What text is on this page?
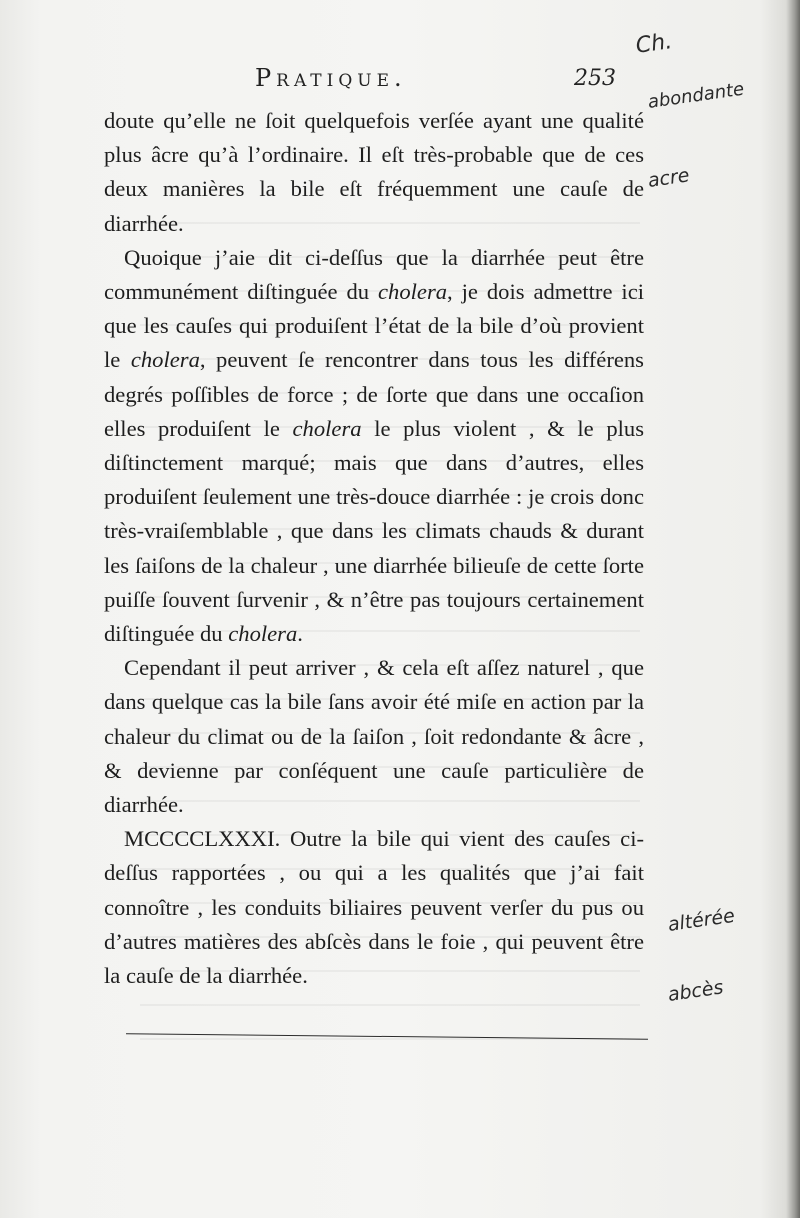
Pratique.	253

doute qu’elle ne ſoit quelquefois verſée ayant une qualité plus âcre qu’à l’ordinaire. Il eſt très-probable que de ces deux manières la bile eſt fréquemment une cauſe de diarrhée.

Quoique j’aie dit ci-deſſus que la diarrhée peut être communément diſtinguée du cholera, je dois admettre ici que les cauſes qui produiſent l’état de la bile d’où provient le cholera, peuvent ſe rencontrer dans tous les différens degrés poſſibles de force ; de ſorte que dans une occaſion elles produiſent le cholera le plus violent , & le plus diſtinctement marqué; mais que dans d’autres, elles produiſent ſeulement une très-douce diarrhée : je crois donc très-vraiſemblable , que dans les climats chauds & durant les ſaiſons de la chaleur , une diarrhée bilieuſe de cette ſorte puiſſe ſouvent ſurvenir , & n’être pas toujours certainement diſtinguée du cholera.

Cependant il peut arriver , & cela eſt aſſez naturel , que dans quelque cas la bile ſans avoir été miſe en action par la chaleur du climat ou de la ſaiſon , ſoit redondante & âcre , & devienne par conſéquent une cauſe particulière de diarrhée.

MCCCCLXXXI. Outre la bile qui vient des cauſes ci-deſſus rapportées , ou qui a les qualités que j’ai fait connoître , les conduits biliaires peuvent verſer du pus ou d’autres matières des abſcès dans le foie , qui peuvent être la cauſe de la diarrhée.

Ch.
abondante
acre
altérée
abcès
